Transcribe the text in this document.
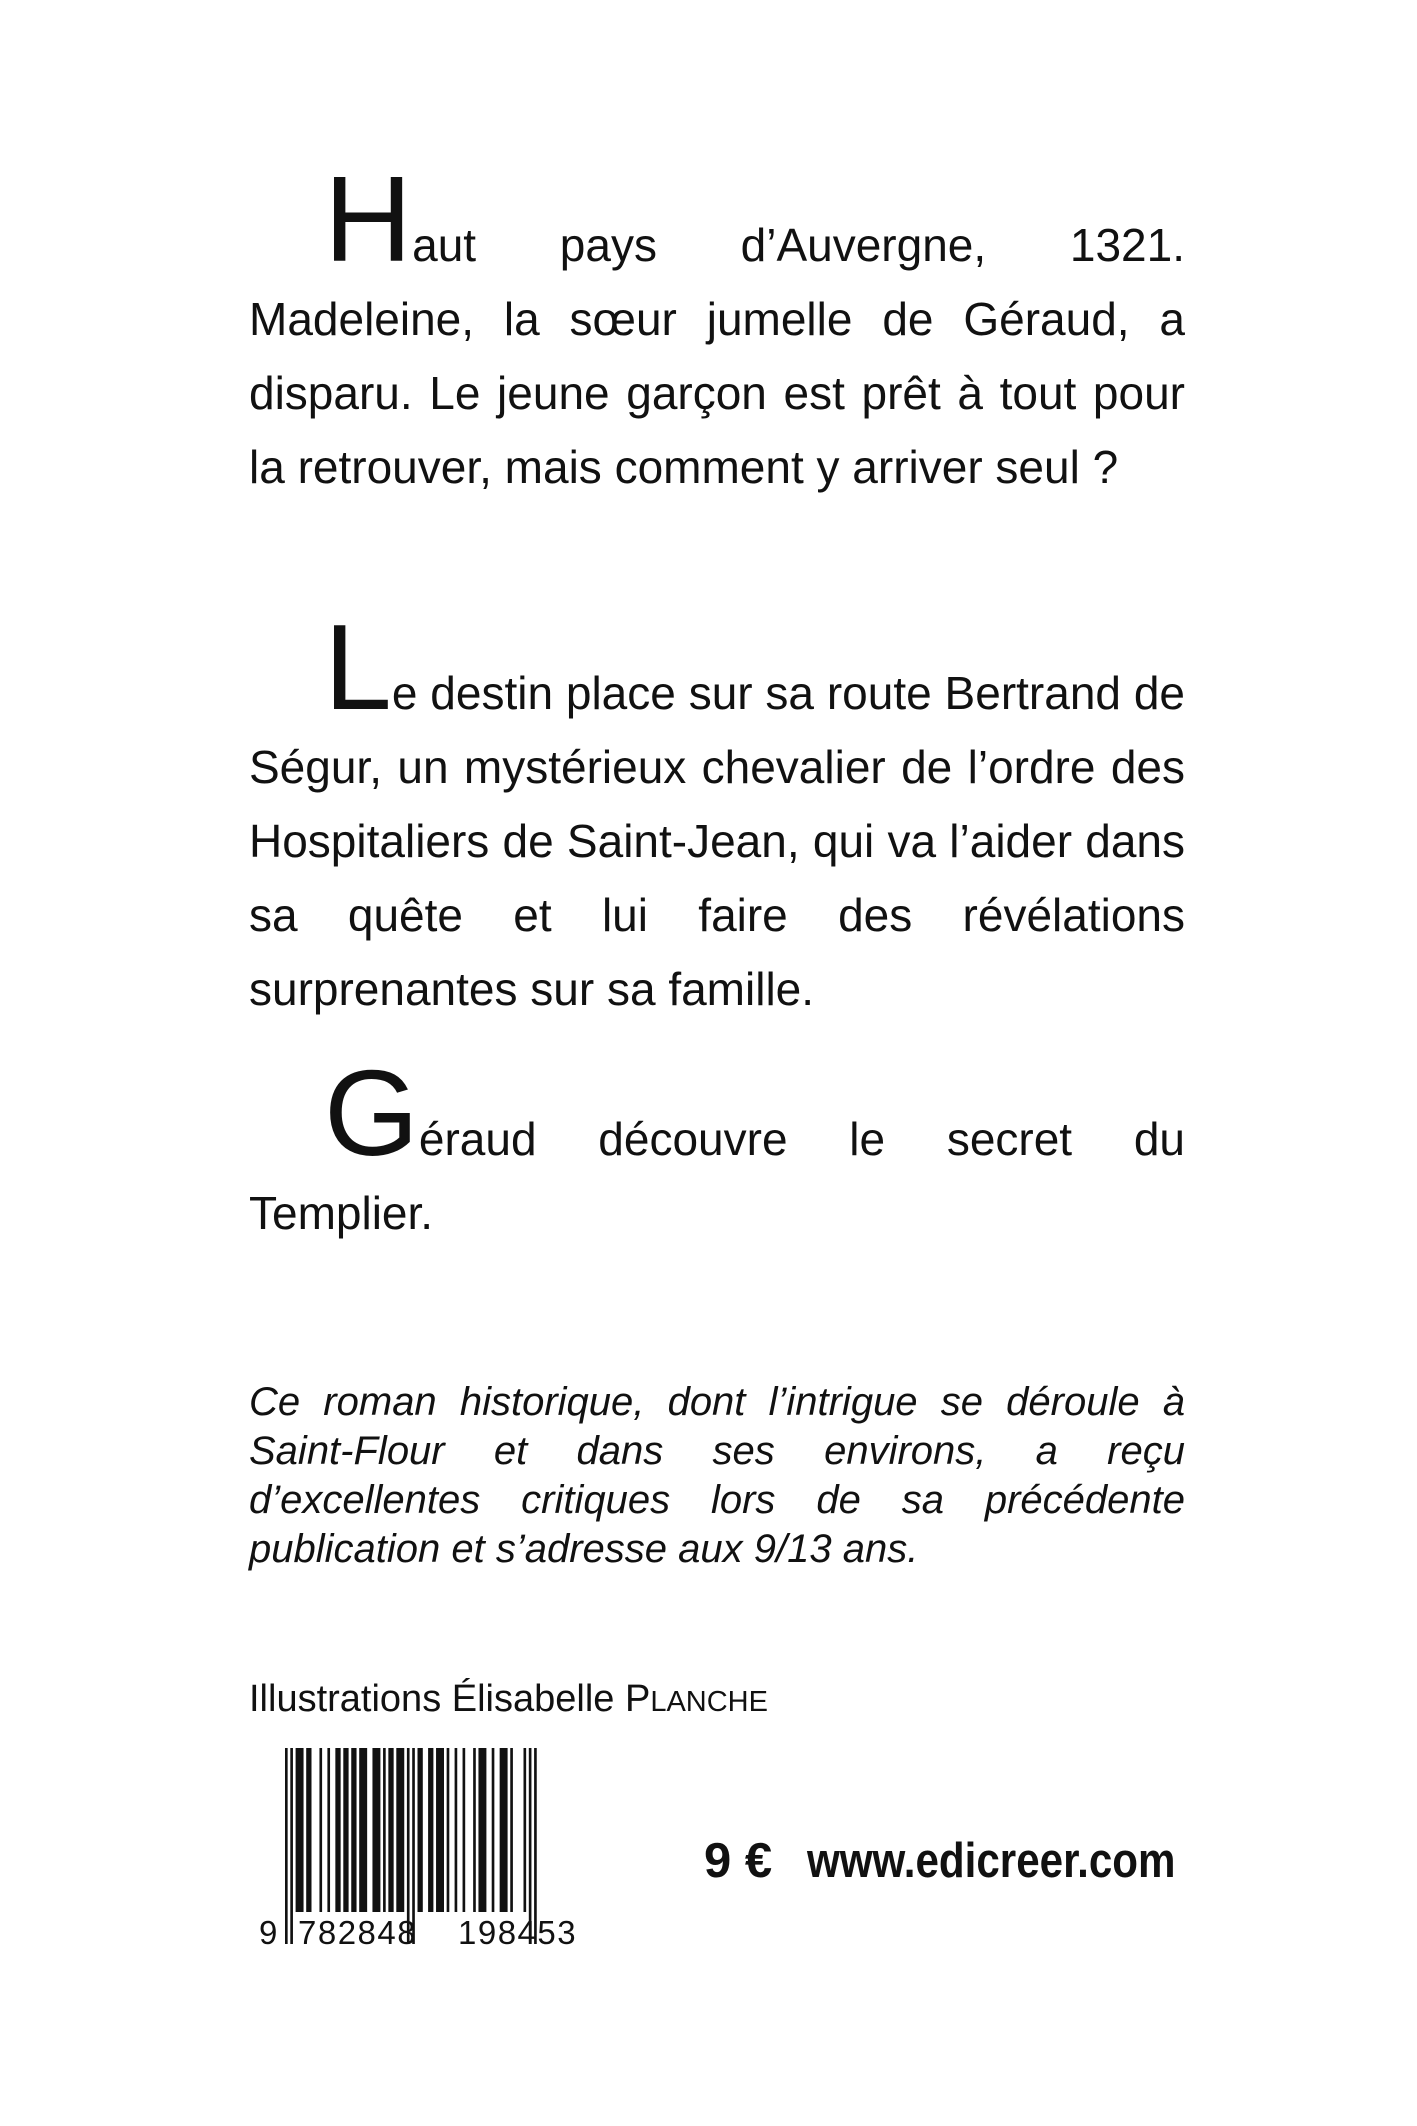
Haut pays d’Auvergne, 1321. Madeleine, la sœur jumelle de Géraud, a disparu. Le jeune garçon est prêt à tout pour la retrouver, mais comment y arriver seul ?

Le destin place sur sa route Bertrand de Ségur, un mystérieux chevalier de l’ordre des Hospitaliers de Saint-Jean, qui va l’aider dans sa quête et lui faire des révélations surprenantes sur sa famille.

Géraud découvre le secret du Templier.

Ce roman historique, dont l’intrigue se déroule à Saint-Flour et dans ses environs, a reçu d’excellentes critiques lors de sa précédente publication et s’adresse aux 9/13 ans.

Illustrations Élisabelle PLANCHE
9 782848 198453
9 € www.edicreer.com
